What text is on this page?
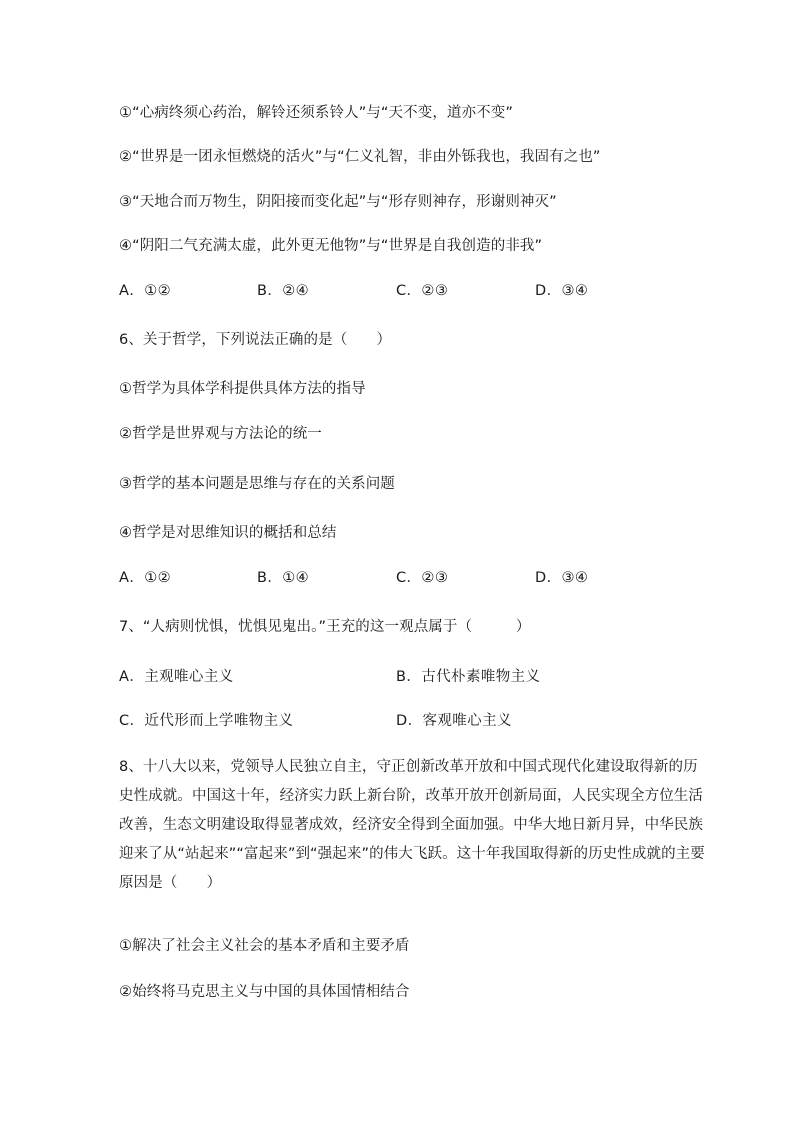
①“心病终须心药治，解铃还须系铃人”与“天不变，道亦不变”
②“世界是一团永恒燃烧的活火”与“仁义礼智，非由外铄我也，我固有之也”
③“天地合而万物生，阴阳接而变化起”与“形存则神存，形谢则神灭”
④“阴阳二气充满太虚，此外更无他物”与“世界是自我创造的非我”
A．①②	B．②④	C．②③	D．③④
6、关于哲学，下列说法正确的是（　　）
①哲学为具体学科提供具体方法的指导
②哲学是世界观与方法论的统一
③哲学的基本问题是思维与存在的关系问题
④哲学是对思维知识的概括和总结
A．①②	B．①④	C．②③	D．③④
7、“人病则忧惧，忧惧见鬼出。”王充的这一观点属于（　　　）
A．主观唯心主义	B．古代朴素唯物主义
C．近代形而上学唯物主义	D．客观唯心主义
8、十八大以来，党领导人民独立自主，守正创新改革开放和中国式现代化建设取得新的历
史性成就。中国这十年，经济实力跃上新台阶，改革开放开创新局面，人民实现全方位生活
改善，生态文明建设取得显著成效，经济安全得到全面加强。中华大地日新月异，中华民族
迎来了从“站起来”“富起来”到“强起来”的伟大飞跃。这十年我国取得新的历史性成就的主要
原因是（　　）
①解决了社会主义社会的基本矛盾和主要矛盾
②始终将马克思主义与中国的具体国情相结合
